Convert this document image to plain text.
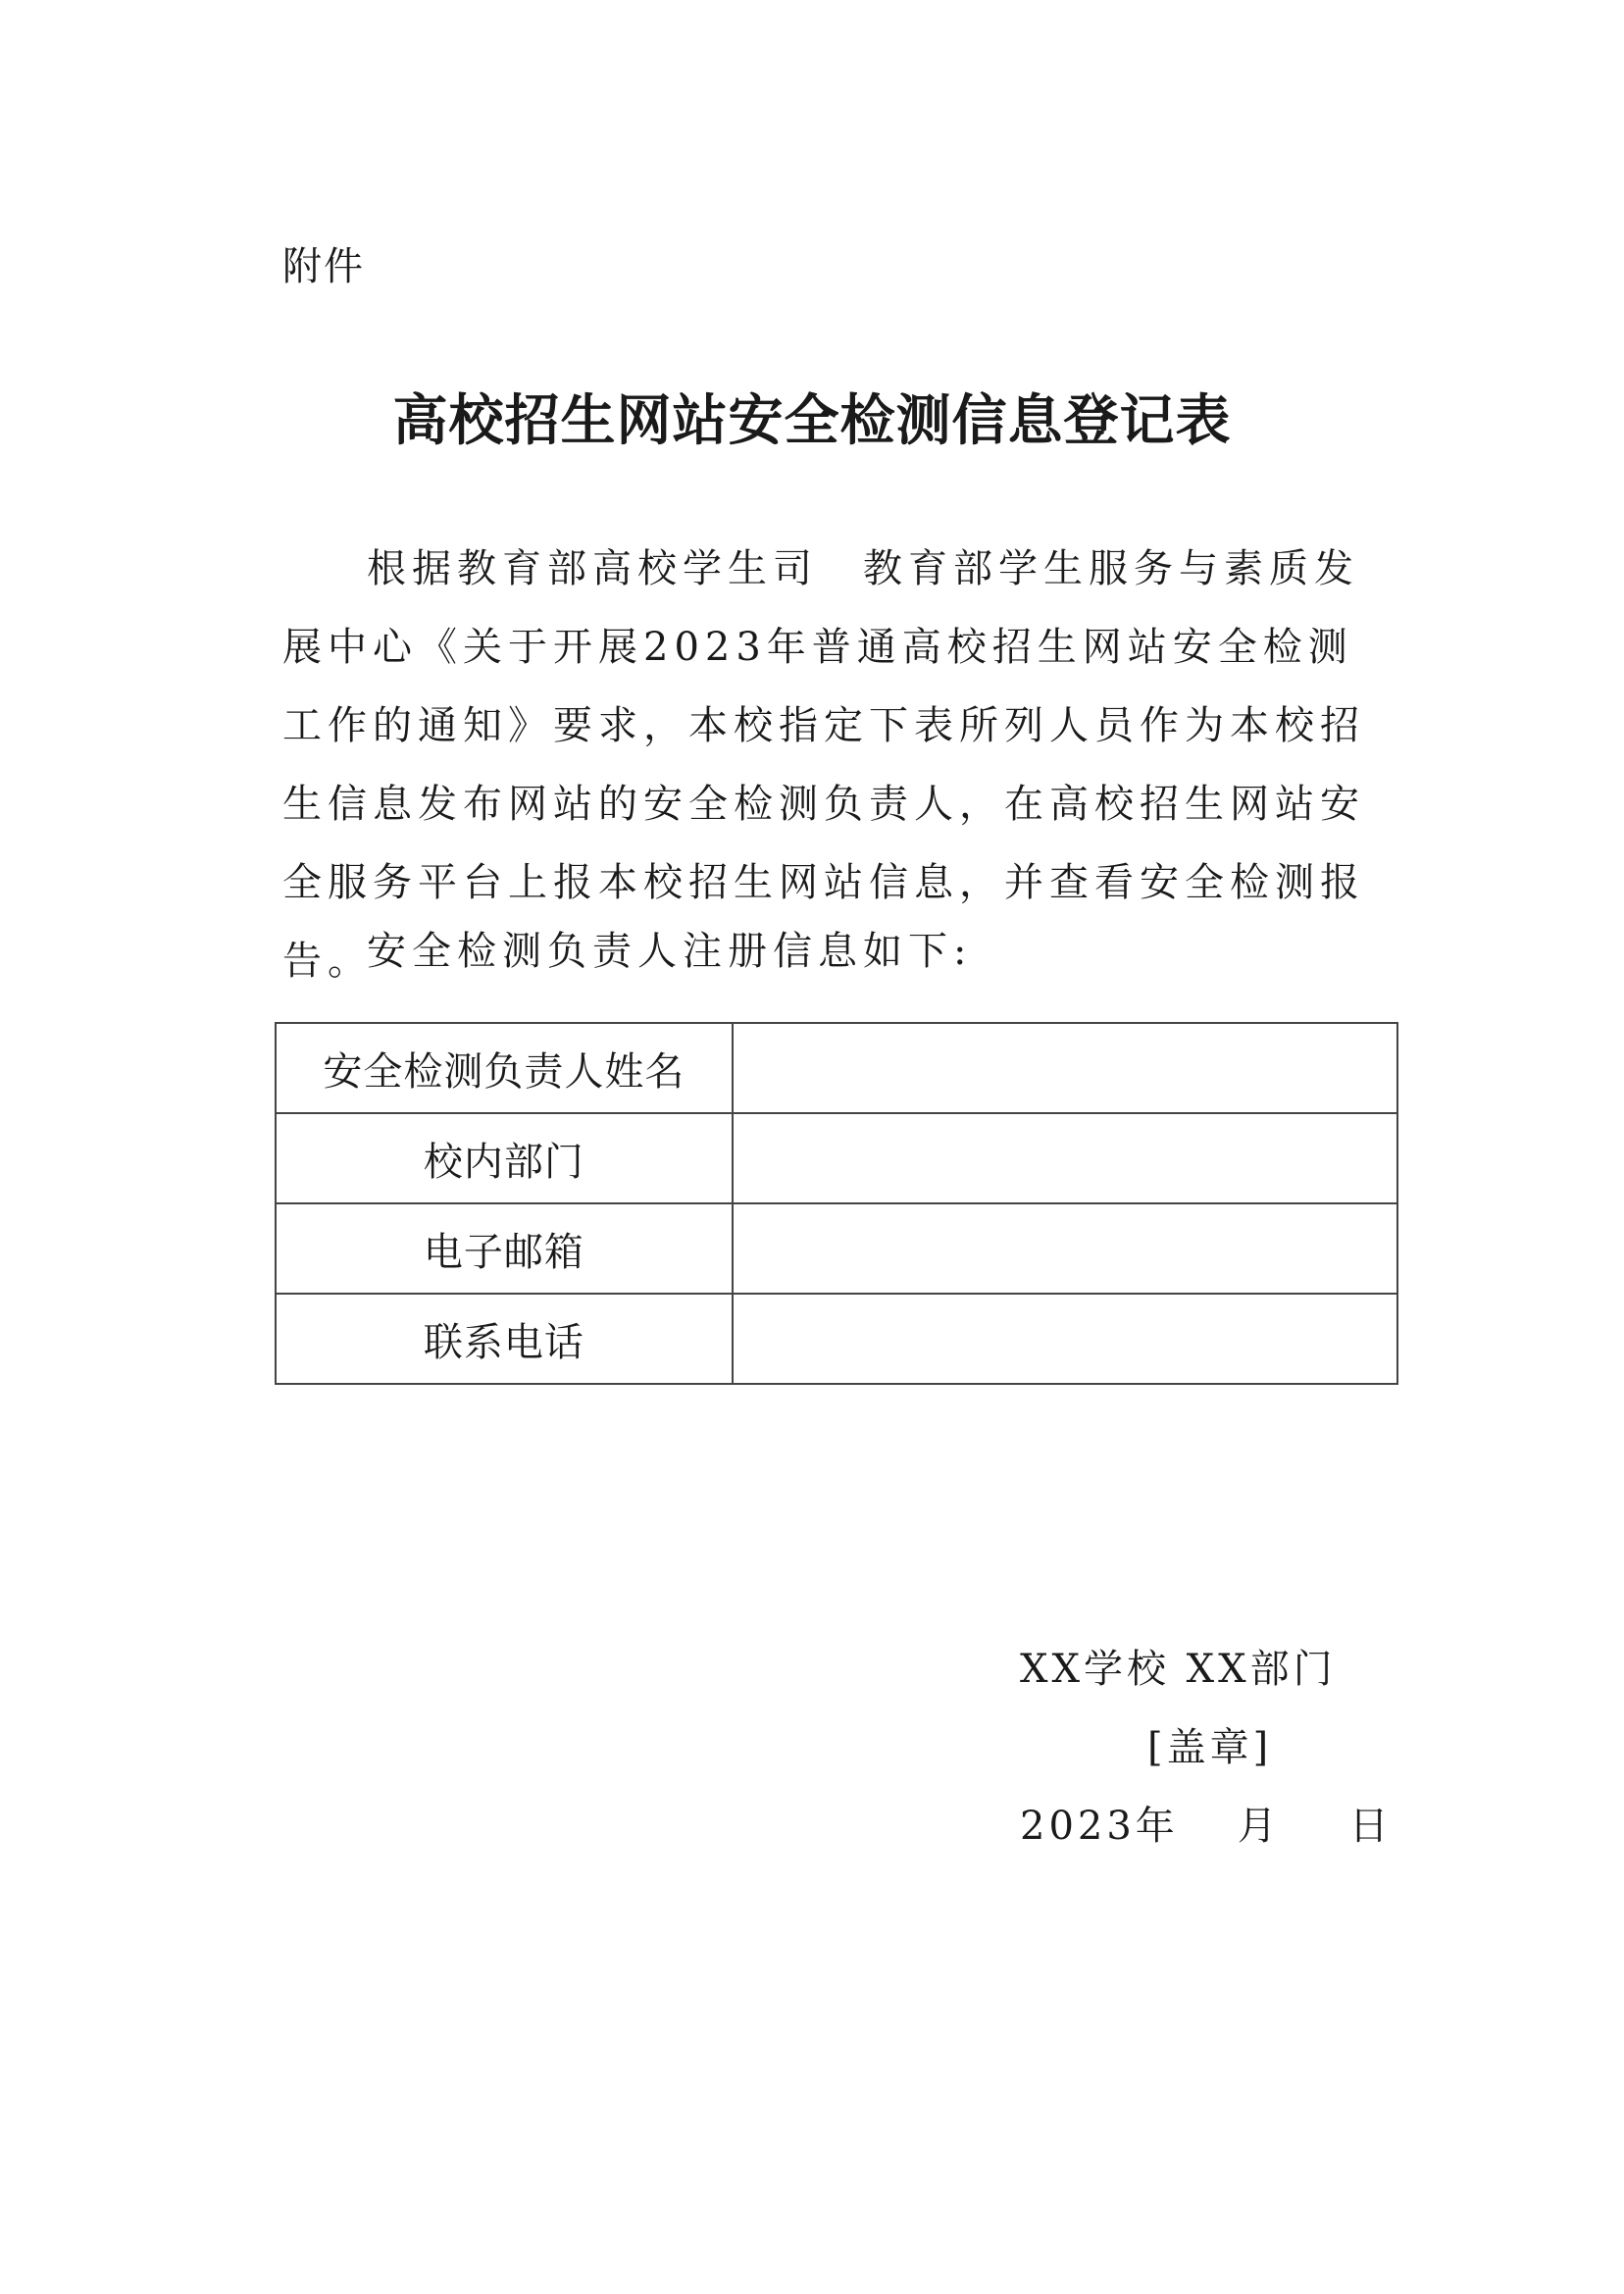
附件
高校招生网站安全检测信息登记表
根据教育部高校学生司　教育部学生服务与素质发展中心《关于开展2023年普通高校招生网站安全检测工作的通知》要求，本校指定下表所列人员作为本校招生信息发布网站的安全检测负责人，在高校招生网站安全服务平台上报本校招生网站信息，并查看安全检测报告。
安全检测负责人注册信息如下:
安全检测负责人姓名	
校内部门	
电子邮箱	
联系电话	
XX学校 XX部门
[盖章]
2023年 月 日
